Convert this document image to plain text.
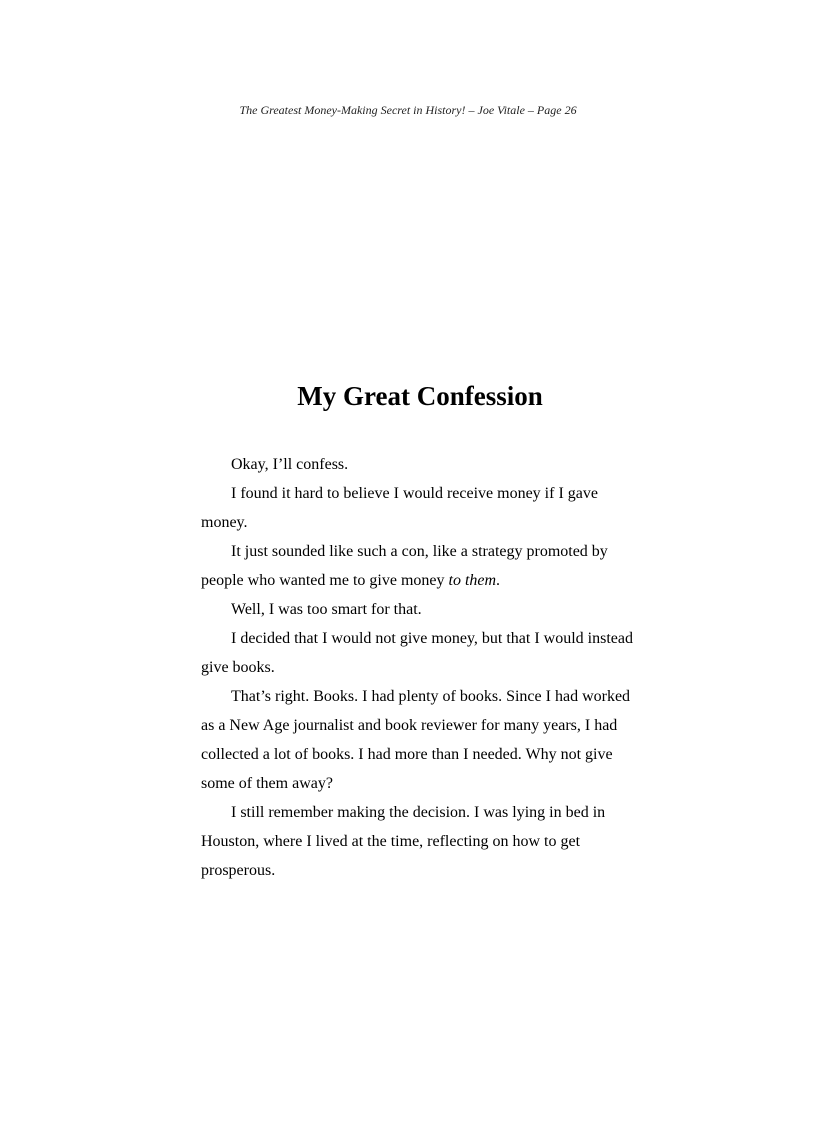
The Greatest Money-Making Secret in History! – Joe Vitale – Page 26
My Great Confession

Okay, I’ll confess.

I found it hard to believe I would receive money if I gave money.

It just sounded like such a con, like a strategy promoted by people who wanted me to give money to them.

Well, I was too smart for that.

I decided that I would not give money, but that I would instead give books.

That’s right. Books. I had plenty of books. Since I had worked as a New Age journalist and book reviewer for many years, I had collected a lot of books. I had more than I needed. Why not give some of them away?

I still remember making the decision. I was lying in bed in Houston, where I lived at the time, reflecting on how to get prosperous.
